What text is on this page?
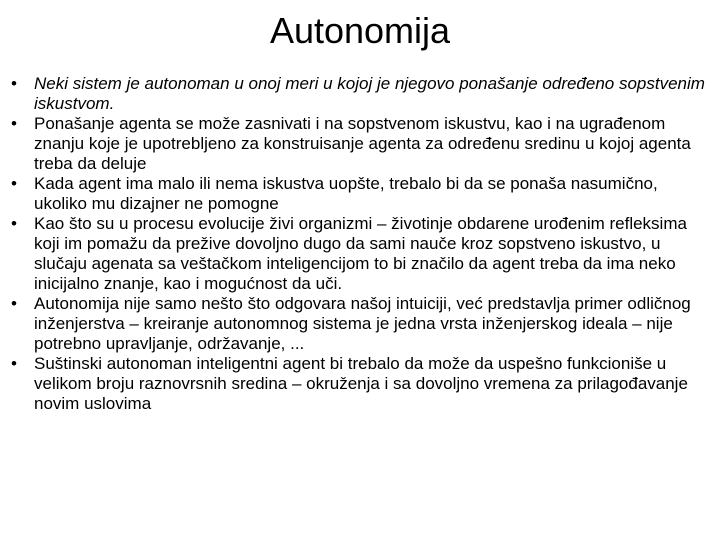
Autonomija
•	Neki sistem je autonoman u onoj meri u kojoj je njegovo ponašanje određeno sopstvenim iskustvom.
•	Ponašanje agenta se može zasnivati i na sopstvenom iskustvu, kao i na ugrađenom znanju koje je upotrebljeno za konstruisanje agenta za određenu sredinu u kojoj agenta treba da deluje
•	Kada agent ima malo ili nema iskustva uopšte, trebalo bi da se ponaša nasumično, ukoliko mu dizajner ne pomogne
•	Kao što su u procesu evolucije živi organizmi – životinje obdarene urođenim refleksima koji im pomažu da prežive dovoljno dugo da sami nauče kroz sopstveno iskustvo, u slučaju agenata sa veštačkom inteligencijom to bi značilo da agent treba da ima neko inicijalno znanje, kao i mogućnost da uči.
•	Autonomija nije samo nešto što odgovara našoj intuiciji, već predstavlja primer odličnog inženjerstva – kreiranje autonomnog sistema je jedna vrsta inženjerskog ideala – nije potrebno upravljanje, održavanje, ...
•	Suštinski autonoman inteligentni agent bi trebalo da može da uspešno funkcioniše u velikom broju raznovrsnih sredina – okruženja i sa dovoljno vremena za prilagođavanje novim uslovima
